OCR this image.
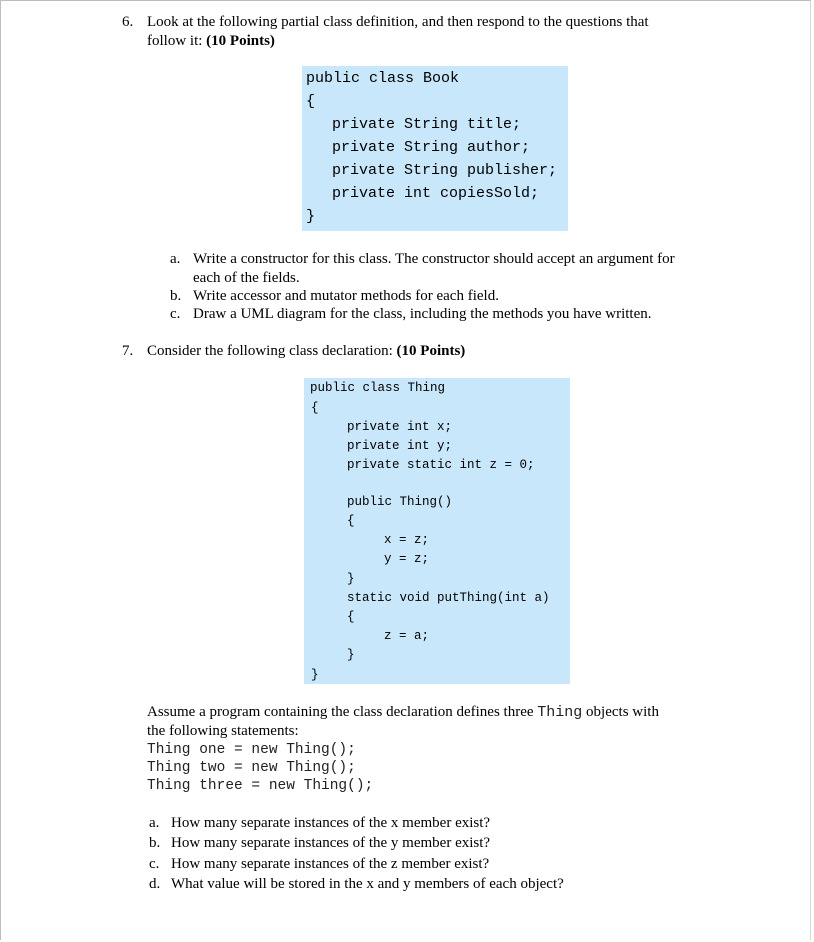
6. Look at the following partial class definition, and then respond to the questions that
follow it: (10 Points)
public class Book
{
private String title;
private String author;
private String publisher;
private int copiesSold;
}
a. Write a constructor for this class. The constructor should accept an argument for
each of the fields.
b. Write accessor and mutator methods for each field.
c. Draw a UML diagram for the class, including the methods you have written.
7. Consider the following class declaration: (10 Points)
public class Thing
{
private int x;
private int y;
private static int z = 0;
public Thing()
{
x = z;
y = z;
}
static void putThing(int a)
{
z = a;
}
}
Assume a program containing the class declaration defines three Thing objects with
the following statements:
Thing one = new Thing();
Thing two = new Thing();
Thing three = new Thing();
a. How many separate instances of the x member exist?
b. How many separate instances of the y member exist?
c. How many separate instances of the z member exist?
d. What value will be stored in the x and y members of each object?
